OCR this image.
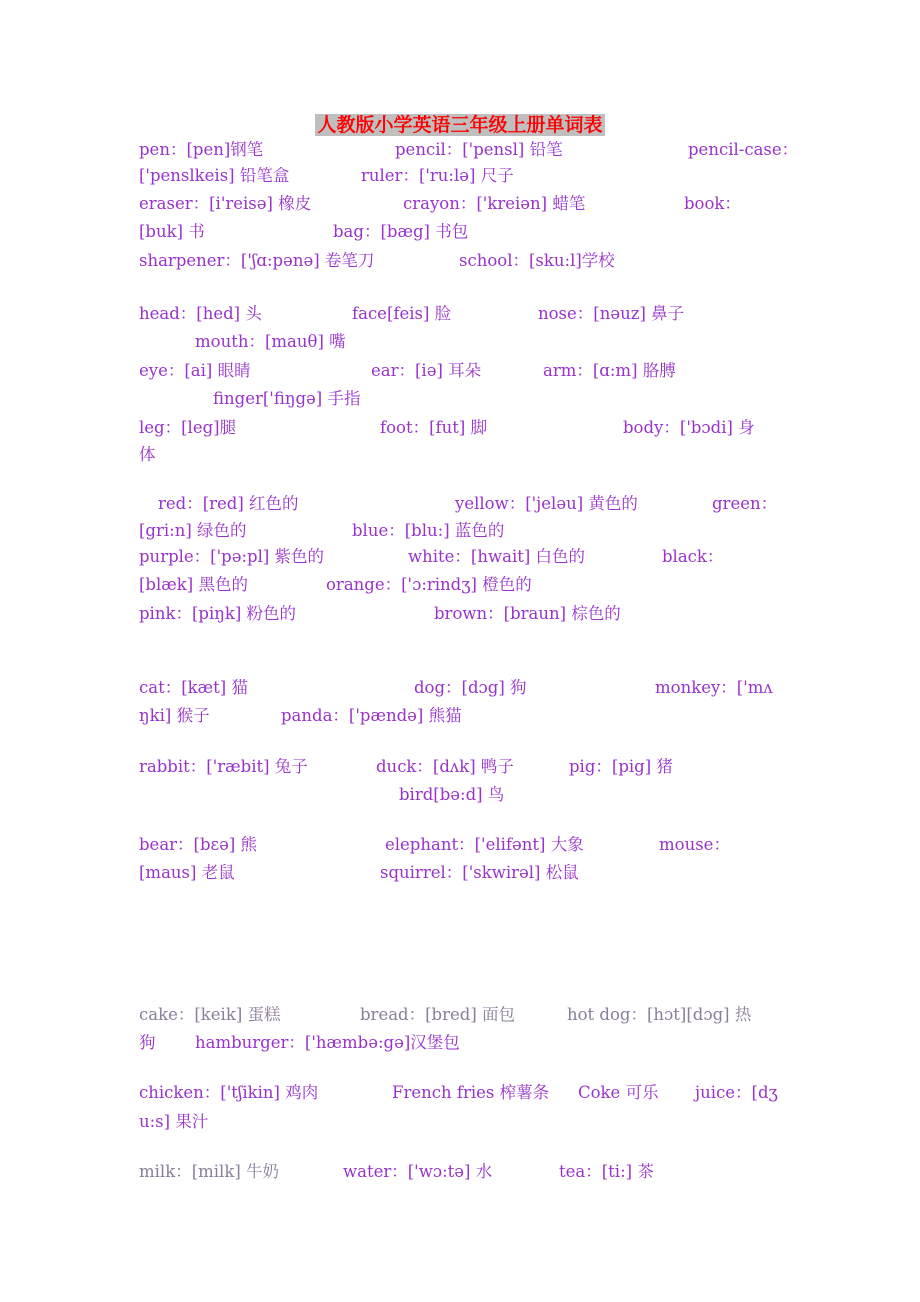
人教版小学英语三年级上册单词表
pen：[pen]钢笔	pencil：['pensl] 铅笔	pencil-case：
['penslkeis] 铅笔盒	ruler：['ru:lə] 尺子
eraser：[i'reisə] 橡皮	crayon：['kreiən] 蜡笔	book：
[buk] 书	bag：[bæg] 书包
sharpener：['ʃɑ:pənə] 卷笔刀	school：[sku:l]学校
head：[hed] 头	face[feis] 脸	nose：[nəuz] 鼻子
mouth：[mauθ] 嘴
eye：[ai] 眼睛	ear：[iə] 耳朵	arm：[ɑ:m] 胳膊
finger['fiŋgə] 手指
leg：[leg]腿	foot：[fut] 脚	body：['bɔdi] 身
体
red：[red] 红色的	yellow：['jeləu] 黄色的	green：
[gri:n] 绿色的	blue：[blu:] 蓝色的
purple：['pə:pl] 紫色的	white：[hwait] 白色的	black：
[blæk] 黑色的	orange：['ɔ:rindʒ] 橙色的
pink：[piŋk] 粉色的	brown：[braun] 棕色的
cat：[kæt] 猫	dog：[dɔg] 狗	monkey：['mʌ
ŋki] 猴子	panda：['pændə] 熊猫
rabbit：['ræbit] 兔子	duck：[dʌk] 鸭子	pig：[pig] 猪
bird[bə:d] 鸟
bear：[bɛə] 熊	elephant：['elifənt] 大象	mouse：
[maus] 老鼠	squirrel：['skwirəl] 松鼠
cake：[keik] 蛋糕	bread：[bred] 面包	hot dog：[hɔt][dɔg] 热
狗 hamburger：['hæmbə:gə]汉堡包
chicken：['tʃikin] 鸡肉	French fries 榨薯条 Coke 可乐 juice：[dʒ
u:s] 果汁
milk：[milk] 牛奶	water：['wɔ:tə] 水	tea：[ti:] 茶
